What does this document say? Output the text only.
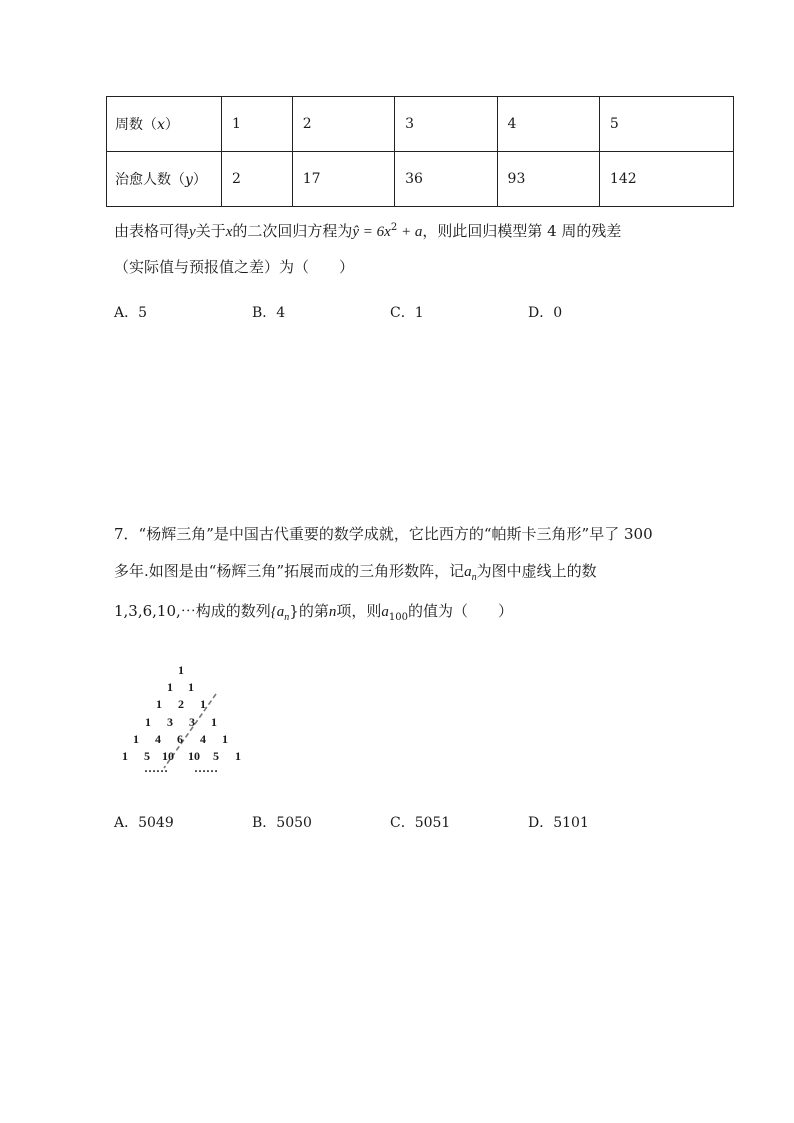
周数（x）	1	2	3	4	5
治愈人数（y）	2	17	36	93	142
由表格可得y关于x的二次回归方程为ŷ = $6x^2 + a$，则此回归模型第 4 周的残差
（实际值与预报值之差）为（　　）
A．5	B．4	C．1	D．0
7．“杨辉三角”是中国古代重要的数学成就，它比西方的“帕斯卡三角形”早了 300
多年.如图是由“杨辉三角”拓展而成的三角形数阵，记$a_n$为图中虚线上的数
1,3,6,10,⋯构成的数列$\{a_n\}$的第n项，则$a_{100}$的值为（　　）
1
1 1
1 2 1
1 3 3 1
1 4 6 4 1
1 5 10 10 5 1
…… ……
A．5049	B．5050	C．5051	D．5101
